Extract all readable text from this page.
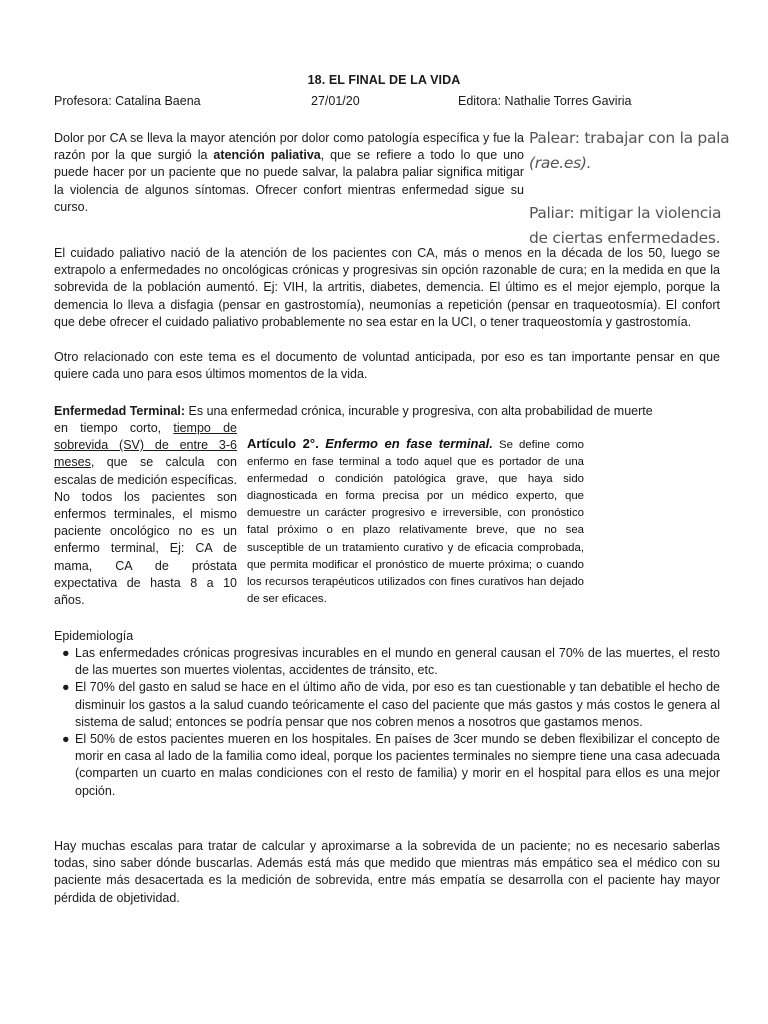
18. EL FINAL DE LA VIDA
Profesora: Catalina Baena	27/01/20	Editora: Nathalie Torres Gaviria

Dolor por CA se lleva la mayor atención por dolor como patología específica y fue la razón por la que surgió la atención paliativa, que se refiere a todo lo que uno puede hacer por un paciente que no puede salvar, la palabra paliar significa mitigar la violencia de algunos síntomas. Ofrecer confort mientras enfermedad sigue su curso.

Palear: trabajar con la pala
(rae.es).
Paliar: mitigar la violencia
de ciertas enfermedades.

El cuidado paliativo nació de la atención de los pacientes con CA, más o menos en la década de los 50, luego se extrapolo a enfermedades no oncológicas crónicas y progresivas sin opción razonable de cura; en la medida en que la sobrevida de la población aumentó. Ej: VIH, la artritis, diabetes, demencia. El último es el mejor ejemplo, porque la demencia lo lleva a disfagia (pensar en gastrostomía), neumonías a repetición (pensar en traqueotosmía). El confort que debe ofrecer el cuidado paliativo probablemente no sea estar en la UCI, o tener traqueostomía y gastrostomía.

Otro relacionado con este tema es el documento de voluntad anticipada, por eso es tan importante pensar en que quiere cada uno para esos últimos momentos de la vida.

Enfermedad Terminal: Es una enfermedad crónica, incurable y progresiva, con alta probabilidad de muerte

en tiempo corto, tiempo de sobrevida (SV) de entre 3-6 meses, que se calcula con escalas de medición específicas. No todos los pacientes son enfermos terminales, el mismo paciente oncológico no es un enfermo terminal, Ej: CA de mama, CA de próstata expectativa de hasta 8 a 10 años.

Artículo 2°. Enfermo en fase terminal. Se define como enfermo en fase terminal a todo aquel que es portador de una enfermedad o condición patológica grave, que haya sido diagnosticada en forma precisa por un médico experto, que demuestre un carácter progresivo e irreversible, con pronóstico fatal próximo o en plazo relativamente breve, que no sea susceptible de un tratamiento curativo y de eficacia comprobada, que permita modificar el pronóstico de muerte próxima; o cuando los recursos terapéuticos utilizados con fines curativos han dejado de ser eficaces.
Epidemiología
● Las enfermedades crónicas progresivas incurables en el mundo en general causan el 70% de las muertes, el resto de las muertes son muertes violentas, accidentes de tránsito, etc.
● El 70% del gasto en salud se hace en el último año de vida, por eso es tan cuestionable y tan debatible el hecho de disminuir los gastos a la salud cuando teóricamente el caso del paciente que más gastos y más costos le genera al sistema de salud; entonces se podría pensar que nos cobren menos a nosotros que gastamos menos.
● El 50% de estos pacientes mueren en los hospitales. En países de 3cer mundo se deben flexibilizar el concepto de morir en casa al lado de la familia como ideal, porque los pacientes terminales no siempre tiene una casa adecuada (comparten un cuarto en malas condiciones con el resto de familia) y morir en el hospital para ellos es una mejor opción.

Hay muchas escalas para tratar de calcular y aproximarse a la sobrevida de un paciente; no es necesario saberlas todas, sino saber dónde buscarlas. Además está más que medido que mientras más empático sea el médico con su paciente más desacertada es la medición de sobrevida, entre más empatía se desarrolla con el paciente hay mayor pérdida de objetividad.
